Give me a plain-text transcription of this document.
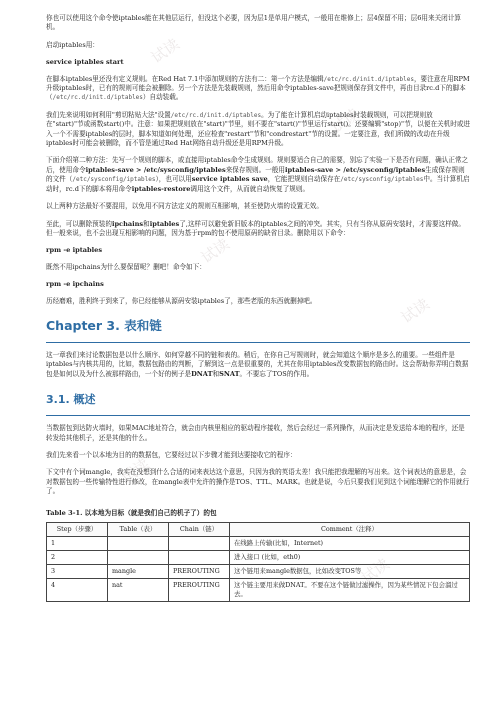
试读
试读
试读
试读
试读
试读

你也可以使用这个命令使iptables能在其他层运行，但没这个必要，因为层1是单用户模式，一般用在维修上；层4保留不用；层6用来关闭计算机。

启动iptables用：

service iptables start

在脚本iptables里还没有定义规则。在Red Hat 7.1中添加规则的方法有二：第一个方法是编辑/etc/rc.d/init.d/iptables，要注意在用RPM升级iptables时，已有的规则可能会被删除。另一个方法是先装载规则，然后用命令iptables-save把规则保存到文件中，再由目录rc.d下的脚本（/etc/rc.d/init.d/iptables）自动装载。

我们先来说明如何利用"剪切粘贴大法"设置/etc/rc.d/init.d/iptables。为了能在计算机启动iptables时装载规则，可以把规则放在"start)"节或函数start()中。注意：如果把规则放在"start)"节里，则不要在"start()"节里运行start()。还要编辑"stop)"节，以便在关机时或进入一个不需要iptables的层时，脚本知道如何处理，还应检查"restart"节和"condrestart"节的设置。一定要注意，我们所做的改动在升级iptables时可能会被删除，而不管是通过Red Hat网络自动升级还是用RPM升级。

下面介绍第二种方法：先写一个规则的脚本，或直接用iptables命令生成规则。规则要适合自己的需要，别忘了实验一下是否有问题，确认正常之后，使用命令iptables-save > /etc/sysconfig/iptables来保存规则。一般用iptables-save > /etc/sysconfig/iptables生成保存规则的文件（/etc/sysconfig/iptables），也可以用service iptables save，它能把规则自动保存在/etc/sysconfig/iptables中。当计算机启动时，rc.d下的脚本将用命令iptables-restore调用这个文件，从而就自动恢复了规则。

以上两种方法最好不要混用，以免用不同方法定义的规则互相影响，甚至使防火墙的设置无效。

至此，可以删除预装的ipchains和iptables了,这样可以避免新旧版本的iptables之间的冲突。其实，只有当你从原码安装时，才需要这样做。但一般来说，也不会出现互相影响的问题，因为基于rpm的包不使用原码的缺省目录。删除用以下命令：

rpm -e iptables

既然不用ipchains为什么要保留呢？删吧！命令如下：

rpm -e ipchains

历经磨难，胜利终于到来了，你已经能够从源码安装iptables了，那些老版的东西就删掉吧。

Chapter 3. 表和链

这一章我们来讨论数据包是以什么顺序、如何穿越不同的链和表的。稍后，在你自己写规则时，就会知道这个顺序是多么的重要。一些组件是iptables与内核共用的，比如，数据包路由的判断，了解到这一点是很重要的，尤其在你用iptables改变数据包的路由时。这会帮助你弄明白数据包是如何以及为什么被那样路由，一个好的例子是DNAT和SNAT。不要忘了TOS的作用。

3.1. 概述

当数据包到达防火墙时，如果MAC地址符合，就会由内核里相应的驱动程序接收，然后会经过一系列操作，从而决定是发送给本地的程序，还是转发给其他机子，还是其他的什么。

我们先来看一个以本地为目的的数据包，它要经过以下步骤才能到达要接收它的程序：

下文中有个词mangle，我实在没想到什么合适的词来表达这个意思，只因为我的英语太差！我只能把我理解的写出来。这个词表达的意思是，会对数据包的一些传输特性进行修改，在mangle表中允许的操作是TOS、TTL、MARK。也就是说，今后只要我们见到这个词能理解它的作用就行了。

Table 3-1. 以本地为目标（就是我们自己的机子了）的包
Step（步骤）	Table（表）	Chain（链）	Comment（注释）
1			在线路上传输(比如，Internet)
2			进入接口 (比如，eth0)
3	mangle	PREROUTING	这个链用来mangle数据包，比如改变TOS等
4	nat	PREROUTING	这个链主要用来做DNAT。不要在这个链做过滤操作，因为某些情况下包会溜过去。
